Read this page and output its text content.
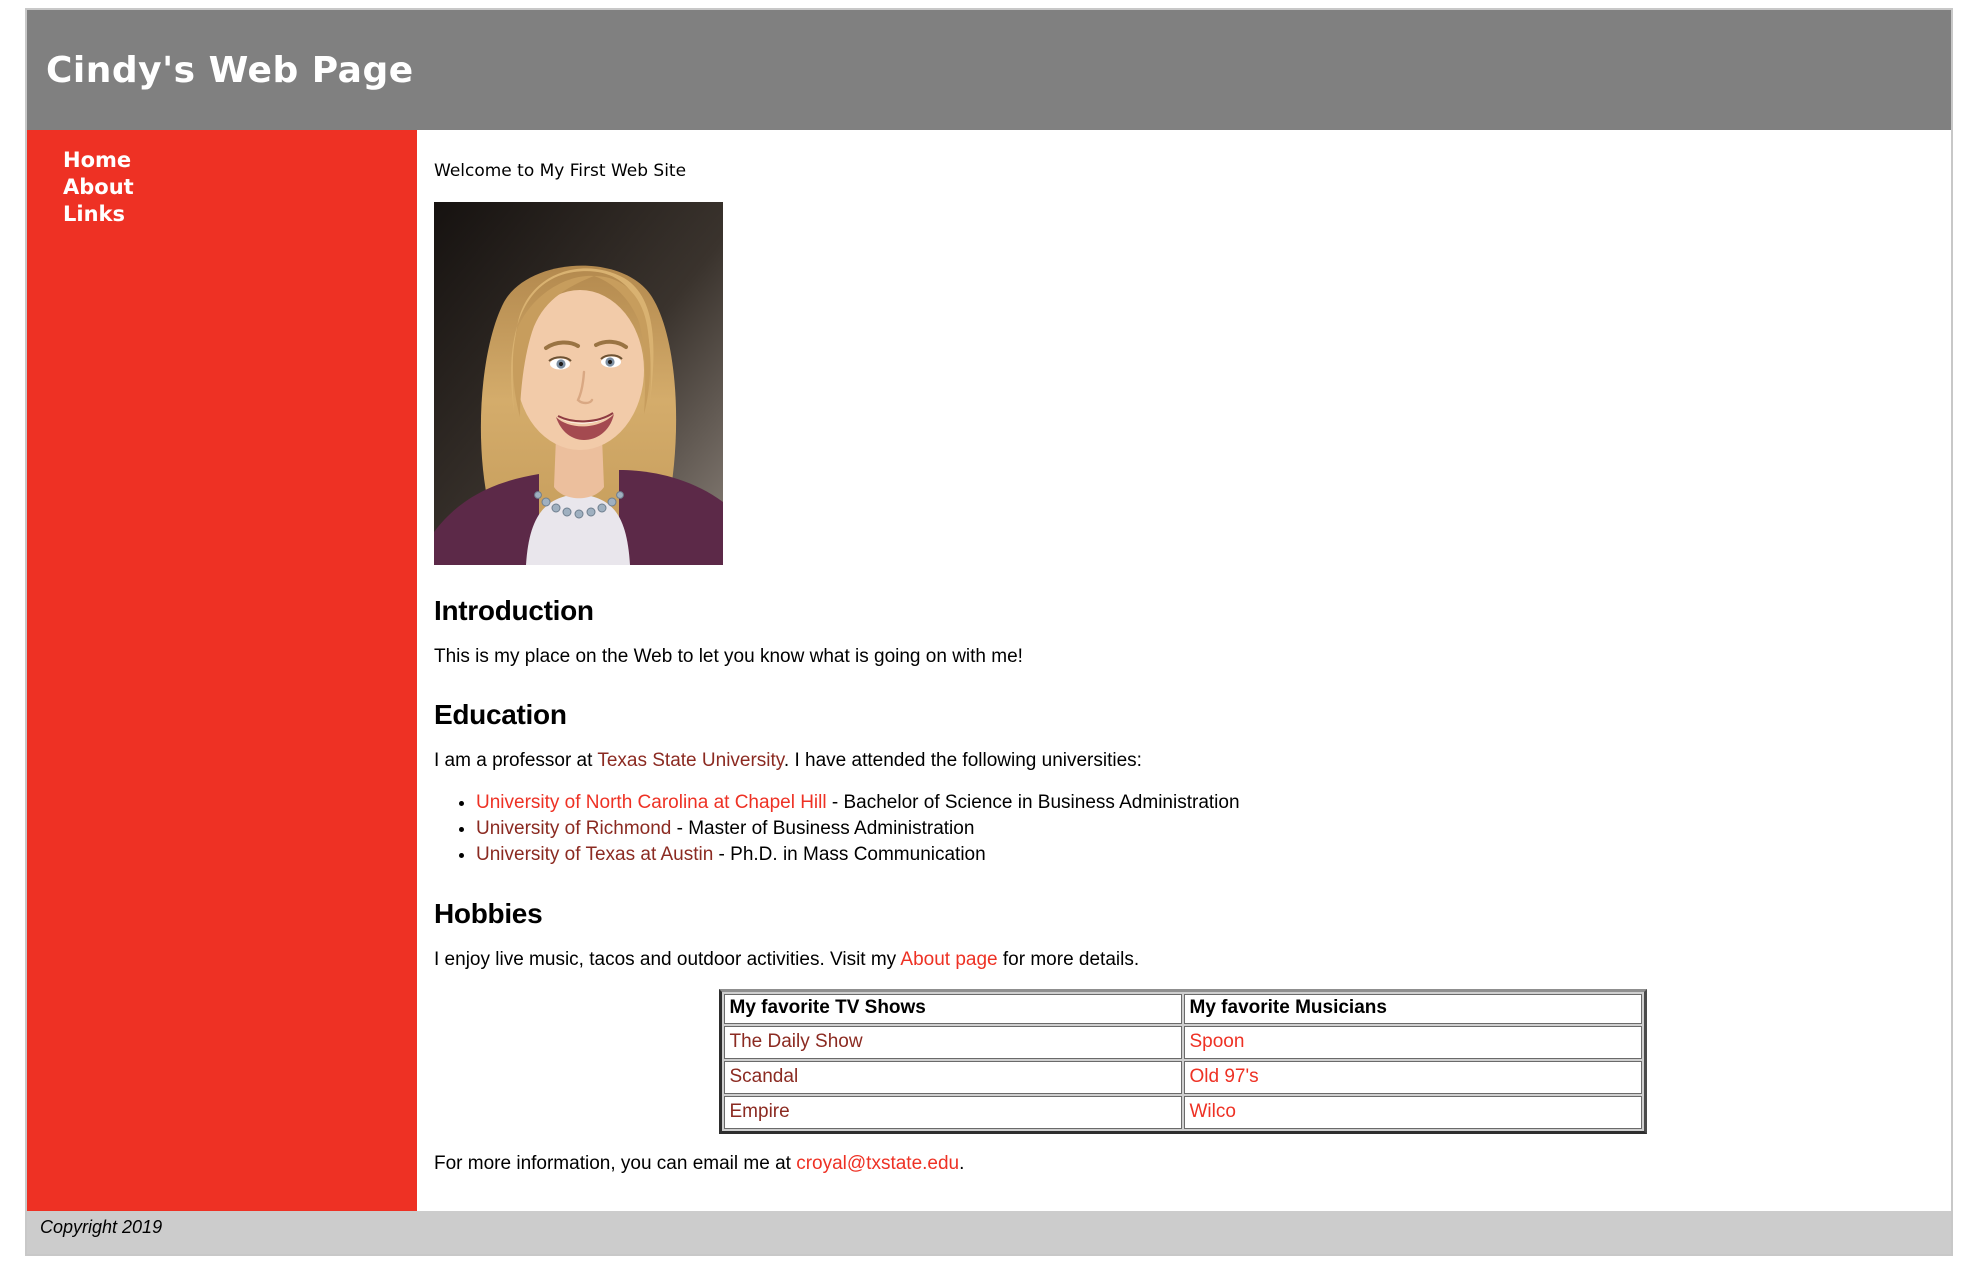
Cindy's Web Page
Home
About
Links

Welcome to My First Web Site

Introduction

This is my place on the Web to let you know what is going on with me!

Education

I am a professor at Texas State University. I have attended the following universities:

• University of North Carolina at Chapel Hill - Bachelor of Science in Business Administration
• University of Richmond - Master of Business Administration
• University of Texas at Austin - Ph.D. in Mass Communication
Hobbies

I enjoy live music, tacos and outdoor activities. Visit my About page for more details.

My favorite TV Shows	My favorite Musicians
The Daily Show	Spoon
Scandal	Old 97's
Empire	Wilco

For more information, you can email me at croyal@txstate.edu.

Copyright 2019
